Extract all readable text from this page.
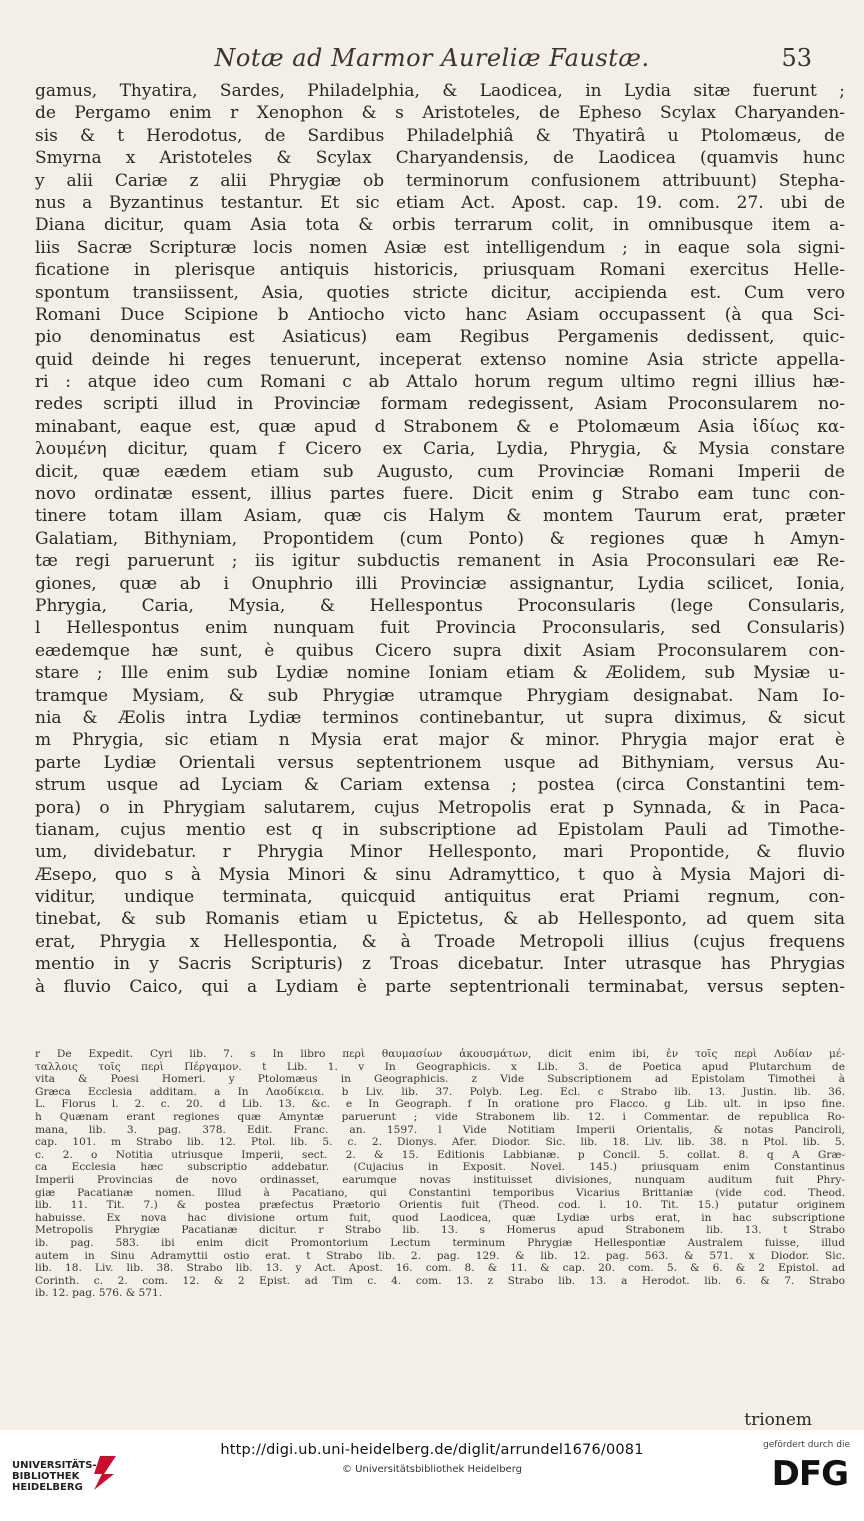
Notæ ad Marmor Aureliæ Faustæ.	53
gamus, Thyatira, Sardes, Philadelphia, & Laodicea, in Lydia sitæ fuerunt ;
de Pergamo enim r Xenophon & s Aristoteles, de Epheso Scylax Charyanden-
sis & t Herodotus, de Sardibus Philadelphiâ & Thyatirâ u Ptolomæus, de
Smyrna x Aristoteles & Scylax Charyandensis, de Laodicea (quamvis hunc
y alii Cariæ z alii Phrygiæ ob terminorum confusionem attribuunt) Stepha-
nus a Byzantinus testantur. Et sic etiam Act. Apost. cap. 19. com. 27. ubi de
Diana dicitur, quam Asia tota & orbis terrarum colit, in omnibusque item a-
liis Sacræ Scripturæ locis nomen Asiæ est intelligendum ; in eaque sola signi-
ficatione in plerisque antiquis historicis, priusquam Romani exercitus Helle-
spontum transiissent, Asia, quoties stricte dicitur, accipienda est. Cum vero
Romani Duce Scipione b Antiocho victo hanc Asiam occupassent (à qua Sci-
pio denominatus est Asiaticus) eam Regibus Pergamenis dedissent, quic-
quid deinde hi reges tenuerunt, inceperat extenso nomine Asia stricte appella-
ri : atque ideo cum Romani c ab Attalo horum regum ultimo regni illius hæ-
redes scripti illud in Provinciæ formam redegissent, Asiam Proconsularem no-
minabant, eaque est, quæ apud d Strabonem & e Ptolomæum Asia ἰδίως κα-
λουμένη dicitur, quam f Cicero ex Caria, Lydia, Phrygia, & Mysia constare
dicit, quæ eædem etiam sub Augusto, cum Provinciæ Romani Imperii de
novo ordinatæ essent, illius partes fuere. Dicit enim g Strabo eam tunc con-
tinere totam illam Asiam, quæ cis Halym & montem Taurum erat, præter
Galatiam, Bithyniam, Propontidem (cum Ponto) & regiones quæ h Amyn-
tæ regi paruerunt ; iis igitur subductis remanent in Asia Proconsulari eæ Re-
giones, quæ ab i Onuphrio illi Provinciæ assignantur, Lydia scilicet, Ionia,
Phrygia, Caria, Mysia, & Hellespontus Proconsularis (lege Consularis,
l Hellespontus enim nunquam fuit Provincia Proconsularis, sed Consularis)
eædemque hæ sunt, è quibus Cicero supra dixit Asiam Proconsularem con-
stare ; Ille enim sub Lydiæ nomine Ioniam etiam & Æolidem, sub Mysiæ u-
tramque Mysiam, & sub Phrygiæ utramque Phrygiam designabat. Nam Io-
nia & Æolis intra Lydiæ terminos continebantur, ut supra diximus, & sicut
m Phrygia, sic etiam n Mysia erat major & minor. Phrygia major erat è
parte Lydiæ Orientali versus septentrionem usque ad Bithyniam, versus Au-
strum usque ad Lyciam & Cariam extensa ; postea (circa Constantini tem-
pora) o in Phrygiam salutarem, cujus Metropolis erat p Synnada, & in Paca-
tianam, cujus mentio est q in subscriptione ad Epistolam Pauli ad Timothe-
um, dividebatur. r Phrygia Minor Hellesponto, mari Propontide, & fluvio
Æsepo, quo s à Mysia Minori & sinu Adramyttico, t quo à Mysia Majori di-
viditur, undique terminata, quicquid antiquitus erat Priami regnum, con-
tinebat, & sub Romanis etiam u Epictetus, & ab Hellesponto, ad quem sita
erat, Phrygia x Hellespontia, & à Troade Metropoli illius (cujus frequens
mentio in y Sacris Scripturis) z Troas dicebatur. Inter utrasque has Phrygias
à fluvio Caico, qui a Lydiam è parte septentrionali terminabat, versus septen-
r De Expedit. Cyri lib. 7. s In libro περὶ θαυμασίων ἀκουσμάτων, dicit enim ibi, ἐν τοῖς περὶ Λυδίαν μέ-
ταλλοις τοῖς περὶ Πέργαμον. t Lib. 1. v In Geographicis. x Lib. 3. de Poetica apud Plutarchum de
vita & Poesi Homeri. y Ptolomæus in Geographicis. z Vide Subscriptionem ad Epistolam Timothei à
Græca Ecclesia additam. a In Λαοδίκεια. b Liv. lib. 37. Polyb. Leg. Ecl. c Strabo lib. 13. Justin. lib. 36.
L. Florus l. 2. c. 20. d Lib. 13. &c. e In Geograph. f In oratione pro Flacco. g Lib. ult. in ipso fine.
h Quænam erant regiones quæ Amyntæ paruerunt ; vide Strabonem lib. 12. i Commentar. de republica Ro-
mana, lib. 3. pag. 378. Edit. Franc. an. 1597. l Vide Notitiam Imperii Orientalis, & notas Panciroli,
cap. 101. m Strabo lib. 12. Ptol. lib. 5. c. 2. Dionys. Afer. Diodor. Sic. lib. 18. Liv. lib. 38. n Ptol. lib. 5.
c. 2. o Notitia utriusque Imperii, sect. 2. & 15. Editionis Labbianæ. p Concil. 5. collat. 8. q A Græ-
ca Ecclesia hæc subscriptio addebatur. (Cujacius in Exposit. Novel. 145.) priusquam enim Constantinus
Imperii Provincias de novo ordinasset, earumque novas instituisset divisiones, nunquam auditum fuit Phry-
giæ Pacatianæ nomen. Illud à Pacatiano, qui Constantini temporibus Vicarius Brittaniæ (vide cod. Theod.
lib. 11. Tit. 7.) & postea præfectus Prætorio Orientis fuit (Theod. cod. l. 10. Tit. 15.) putatur originem
habuisse. Ex nova hac divisione ortum fuit, quod Laodicea, quæ Lydiæ urbs erat, in hac subscriptione
Metropolis Phrygiæ Pacatianæ dicitur. r Strabo lib. 13. s Homerus apud Strabonem lib. 13. t Strabo
ib. pag. 583. ibi enim dicit Promontorium Lectum terminum Phrygiæ Hellespontiæ Australem fuisse, illud
autem in Sinu Adramyttii ostio erat. t Strabo lib. 2. pag. 129. & lib. 12. pag. 563. & 571. x Diodor. Sic.
lib. 18. Liv. lib. 38. Strabo lib. 13. y Act. Apost. 16. com. 8. & 11. & cap. 20. com. 5. & 6. & 2 Epistol. ad
Corinth. c. 2. com. 12. & 2 Epist. ad Tim c. 4. com. 13. z Strabo lib. 13. a Herodot. lib. 6. & 7. Strabo
ib. 12. pag. 576. & 571.
trionem
UNIVERSITÄTS-
BIBLIOTHEK
HEIDELBERG
http://digi.ub.uni-heidelberg.de/diglit/arrundel1676/0081
© Universitätsbibliothek Heidelberg
gefördert durch die
DFG
